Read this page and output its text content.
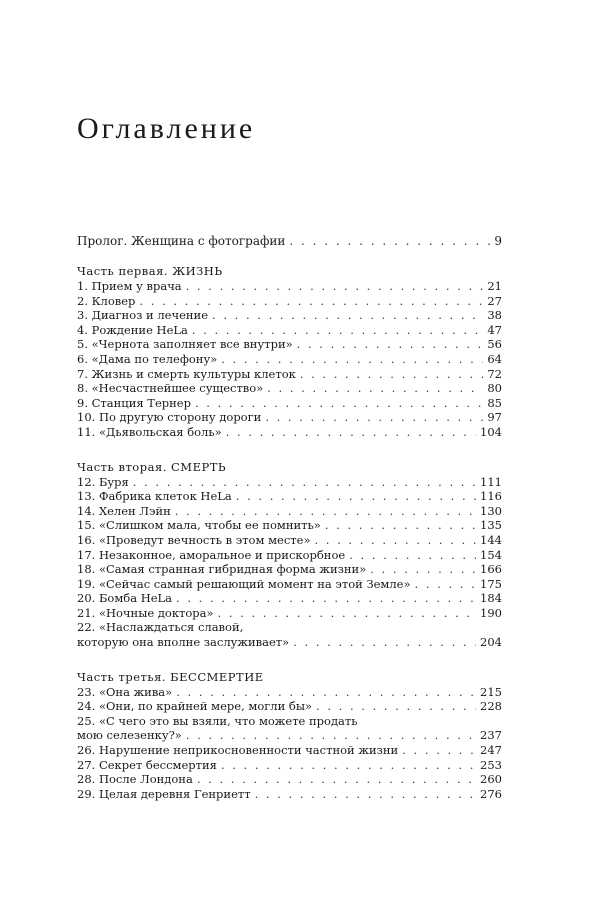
Оглавление
Пролог. Женщина с фотографии . . .	9
Часть первая. ЖИЗНЬ
1. Прием у врача . . .	21
2. Кловер . . .	27
3. Диагноз и лечение . . .	38
4. Рождение HeLa . . .	47
5. «Чернота заполняет все внутри» . . .	56
6. «Дама по телефону» . . .	64
7. Жизнь и смерть культуры клеток . . .	72
8. «Несчастнейшее существо» . . .	80
9. Станция Тернер . . .	85
10. По другую сторону дороги . . .	97
11. «Дьявольская боль» . . .	104
Часть вторая. СМЕРТЬ
12. Буря . . .	111
13. Фабрика клеток HeLa . . .	116
14. Хелен Лэйн . . .	130
15. «Слишком мала, чтобы ее помнить» . . .	135
16. «Проведут вечность в этом месте» . . .	144
17. Незаконное, аморальное и прискорбное . . .	154
18. «Самая странная гибридная форма жизни» . . .	166
19. «Сейчас самый решающий момент на этой Земле» . . .	175
20. Бомба HeLa . . .	184
21. «Ночные доктора» . . .	190
22. «Наслаждаться славой,
которую она вполне заслуживает» . . .	204
Часть третья. БЕССМЕРТИЕ
23. «Она жива» . . .	215
24. «Они, по крайней мере, могли бы» . . .	228
25. «С чего это вы взяли, что можете продать
мою селезенку?» . . .	237
26. Нарушение неприкосновенности частной жизни . . .	247
27. Секрет бессмертия . . .	253
28. После Лондона . . .	260
29. Целая деревня Генриетт . . .	276
